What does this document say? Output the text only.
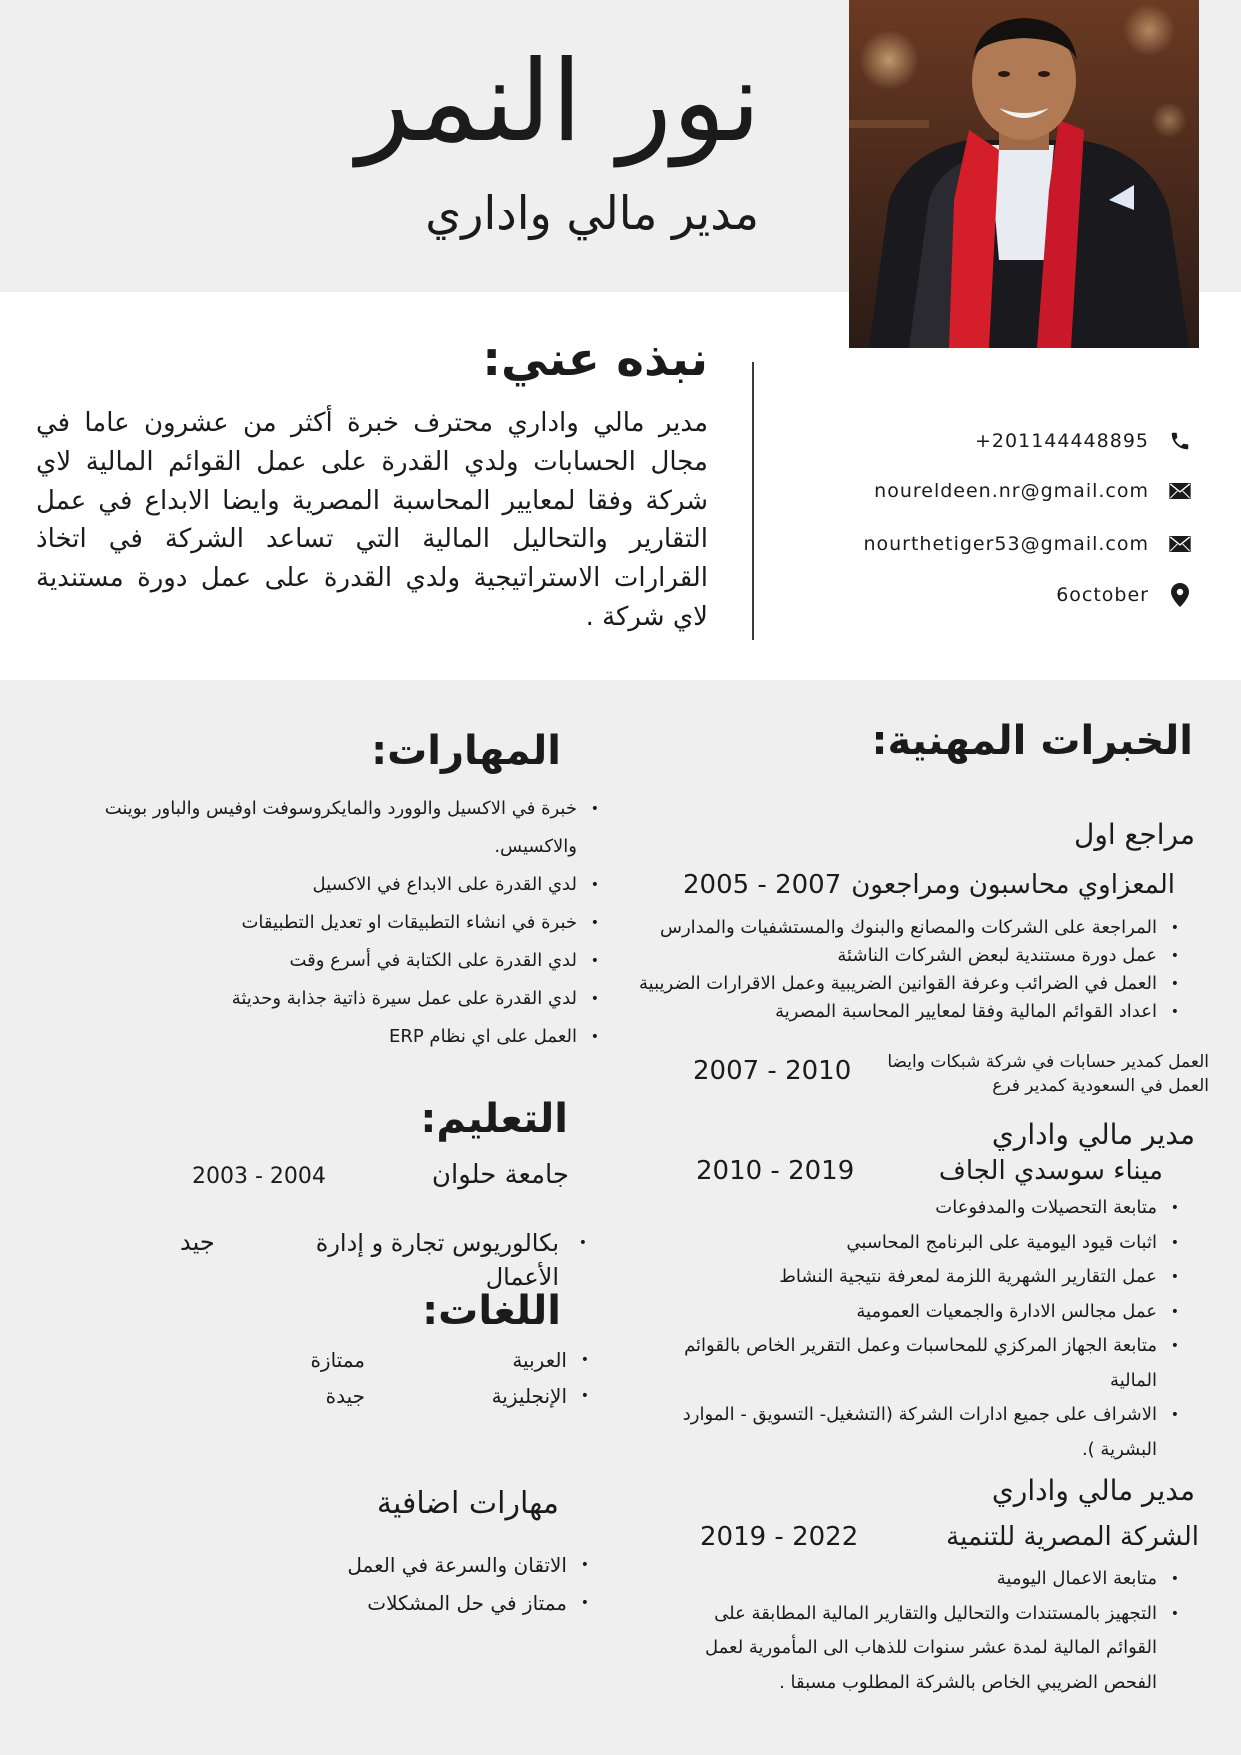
نور النمر
مدير مالي واداري
نبذه عني:
مدير مالي واداري محترف خبرة أكثر من عشرون عاما في مجال الحسابات ولدي القدرة على عمل القوائم المالية لاي شركة وفقا لمعايير المحاسبة المصرية وايضا الابداع في عمل التقارير والتحاليل المالية التي تساعد الشركة في اتخاذ القرارات الاستراتيجية ولدي القدرة على عمل دورة مستندية لاي شركة .
+201144448895
noureldeen.nr@gmail.com
nourthetiger53@gmail.com
6october
الخبرات المهنية:
مراجع اول
المعزاوي محاسبون ومراجعون
2005 - 2007
• المراجعة على الشركات والمصانع والبنوك والمستشفيات والمدارس
• عمل دورة مستندية لبعض الشركات الناشئة
• العمل في الضرائب وعرفة القوانين الضريبية وعمل الاقرارات الضريبية
• اعداد القوائم المالية وفقا لمعايير المحاسبة المصرية
العمل كمدير حسابات في شركة شبكات وايضا
العمل في السعودية كمدير فرع
2007 - 2010
مدير مالي واداري
ميناء سوسدي الجاف
2010 - 2019
• متابعة التحصيلات والمدفوعات
• اثبات قيود اليومية على البرنامج المحاسبي
• عمل التقارير الشهرية اللزمة لمعرفة نتيجية النشاط
• عمل مجالس الادارة والجمعيات العمومية
• متابعة الجهاز المركزي للمحاسبات وعمل التقرير الخاص بالقوائم المالية
• الاشراف على جميع ادارات الشركة (التشغيل- التسويق - الموارد البشرية ).
مدير مالي واداري
الشركة المصرية للتنمية
2019 - 2022
• متابعة الاعمال اليومية
• التجهيز بالمستندات والتحاليل والتقارير المالية المطابقة على القوائم المالية لمدة عشر سنوات للذهاب الى المأمورية لعمل الفحص الضريبي الخاص بالشركة المطلوب مسبقا .
المهارات:
• خبرة في الاكسيل والوورد والمايكروسوفت اوفيس والباور بوينت والاكسيس.
• لدي القدرة على الابداع في الاكسيل
• خبرة في انشاء التطبيقات او تعديل التطبيقات
• لدي القدرة على الكتابة في أسرع وقت
• لدي القدرة على عمل سيرة ذاتية جذابة وحديثة
• العمل على اي نظام ERP
التعليم:
جامعة حلوان
2003 - 2004
• بكالوريوس تجارة و إدارة الأعمال
جيد
اللغات:
• العربية
• الإنجليزية
ممتازة
جيدة
مهارات اضافية
• الاتقان والسرعة في العمل
• ممتاز في حل المشكلات
